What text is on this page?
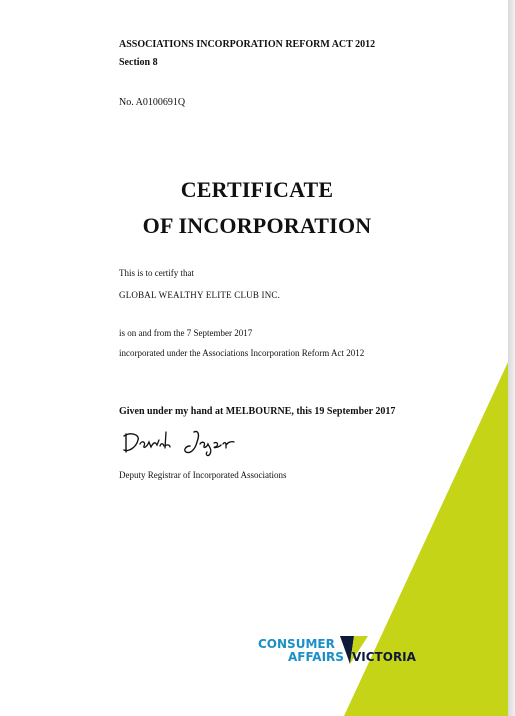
ASSOCIATIONS INCORPORATION REFORM ACT 2012
Section 8
No. A0100691Q
CERTIFICATE
OF INCORPORATION
This is to certify that
GLOBAL WEALTHY ELITE CLUB INC.
is on and from the 7 September 2017
incorporated under the Associations Incorporation Reform Act 2012
Given under my hand at MELBOURNE, this 19 September 2017
Deputy Registrar of Incorporated Associations
CONSUMER
AFFAIRS VICTORIA
